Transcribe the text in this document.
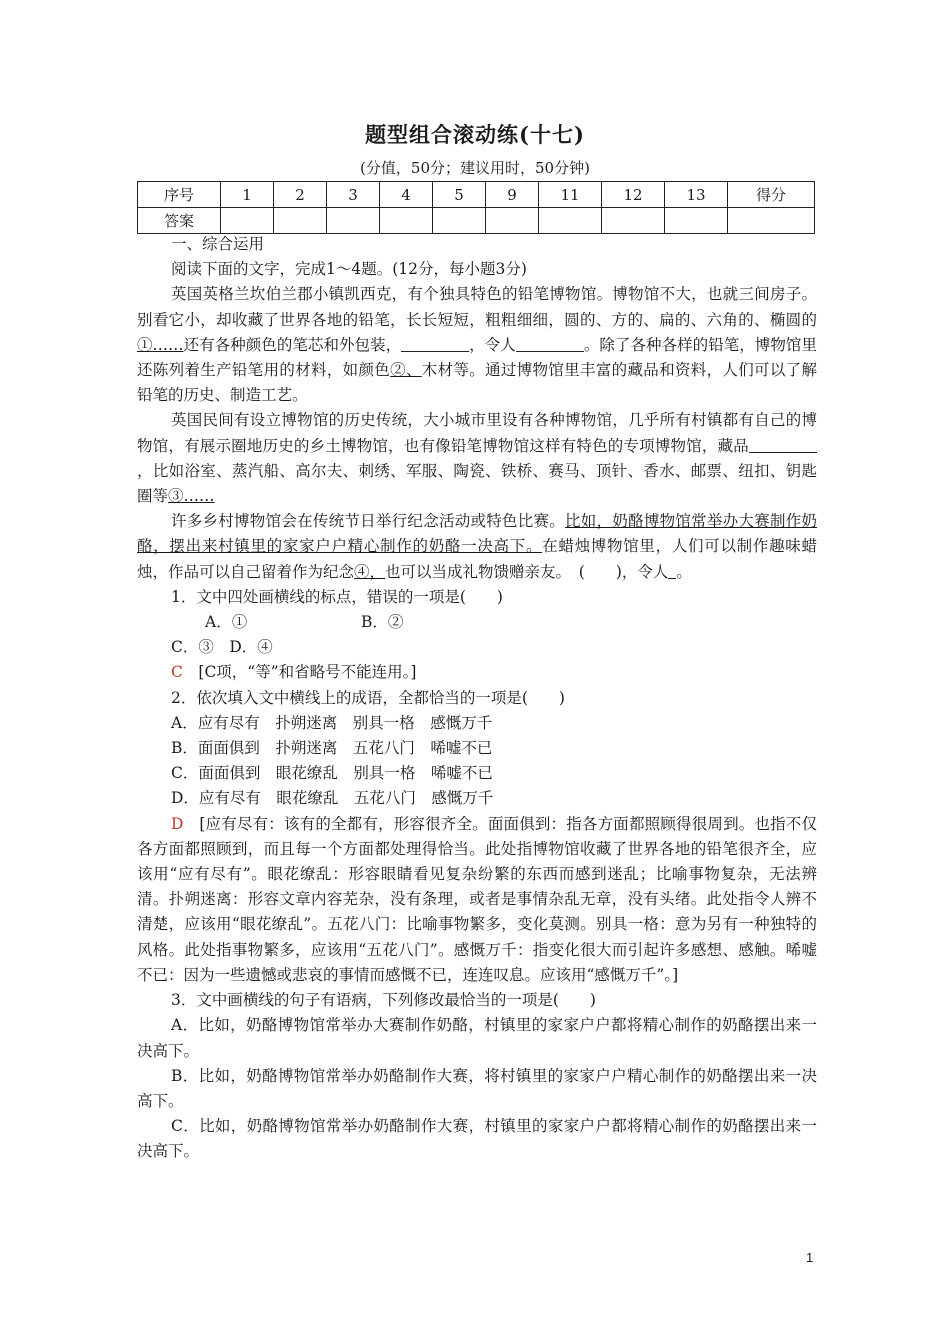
题型组合滚动练(十七)
(分值，50分；建议用时，50分钟)
序号	1	2	3	4	5	9	11	12	13	得分
答案										

一、综合运用

阅读下面的文字，完成1～4题。(12分，每小题3分)

英国英格兰坎伯兰郡小镇凯西克，有个独具特色的铅笔博物馆。博物馆不大，也就三间房子。别看它小，却收藏了世界各地的铅笔，长长短短，粗粗细细，圆的、方的、扁的、六角的、椭圆的①……还有各种颜色的笔芯和外包装，	，令人	。除了各种各样的铅笔，博物馆里还陈列着生产铅笔用的材料，如颜色②、木材等。通过博物馆里丰富的藏品和资料，人们可以了解铅笔的历史、制造工艺。

英国民间有设立博物馆的历史传统，大小城市里设有各种博物馆，几乎所有村镇都有自己的博物馆，有展示圈地历史的乡土博物馆，也有像铅笔博物馆这样有特色的专项博物馆，藏品，比如浴室、蒸汽船、高尔夫、刺绣、军服、陶瓷、铁桥、赛马、顶针、香水、邮票、纽扣、钥匙圈等③……

许多乡村博物馆会在传统节日举行纪念活动或特色比赛。比如，奶酪博物馆常举办大赛制作奶酪，摆出来村镇里的家家户户精心制作的奶酪一决高下。在蜡烛博物馆里，人们可以制作趣味蜡烛，作品可以自己留着作为纪念④，也可以当成礼物馈赠亲友。　(　　)，令人 。

1．文中四处画横线的标点，错误的一项是(　　)

A．①	B．②

C．③　D．④

C　 [C项，“等”和省略号不能连用。]

2．依次填入文中横线上的成语，全都恰当的一项是(　　)

A．应有尽有　扑朔迷离　别具一格　感慨万千

B．面面俱到　扑朔迷离　五花八门　唏嘘不已

C．面面俱到　眼花缭乱　别具一格　唏嘘不已

D．应有尽有　眼花缭乱　五花八门　感慨万千

D　 [应有尽有：该有的全都有，形容很齐全。面面俱到：指各方面都照顾得很周到。也指不仅各方面都照顾到，而且每一个方面都处理得恰当。此处指博物馆收藏了世界各地的铅笔很齐全，应该用“应有尽有”。眼花缭乱：形容眼睛看见复杂纷繁的东西而感到迷乱；比喻事物复杂，无法辨清。扑朔迷离：形容文章内容芜杂，没有条理，或者是事情杂乱无章，没有头绪。此处指令人辨不清楚，应该用“眼花缭乱”。五花八门：比喻事物繁多，变化莫测。别具一格：意为另有一种独特的风格。此处指事物繁多，应该用“五花八门”。感慨万千：指变化很大而引起许多感想、感触。唏嘘不已：因为一些遗憾或悲哀的事情而感慨不已，连连叹息。应该用“感慨万千”。]

3．文中画横线的句子有语病，下列修改最恰当的一项是(　　)

A．比如，奶酪博物馆常举办大赛制作奶酪，村镇里的家家户户都将精心制作的奶酪摆出来一决高下。

B．比如，奶酪博物馆常举办奶酪制作大赛，将村镇里的家家户户精心制作的奶酪摆出来一决高下。

C．比如，奶酪博物馆常举办奶酪制作大赛，村镇里的家家户户都将精心制作的奶酪摆出来一决高下。

1
